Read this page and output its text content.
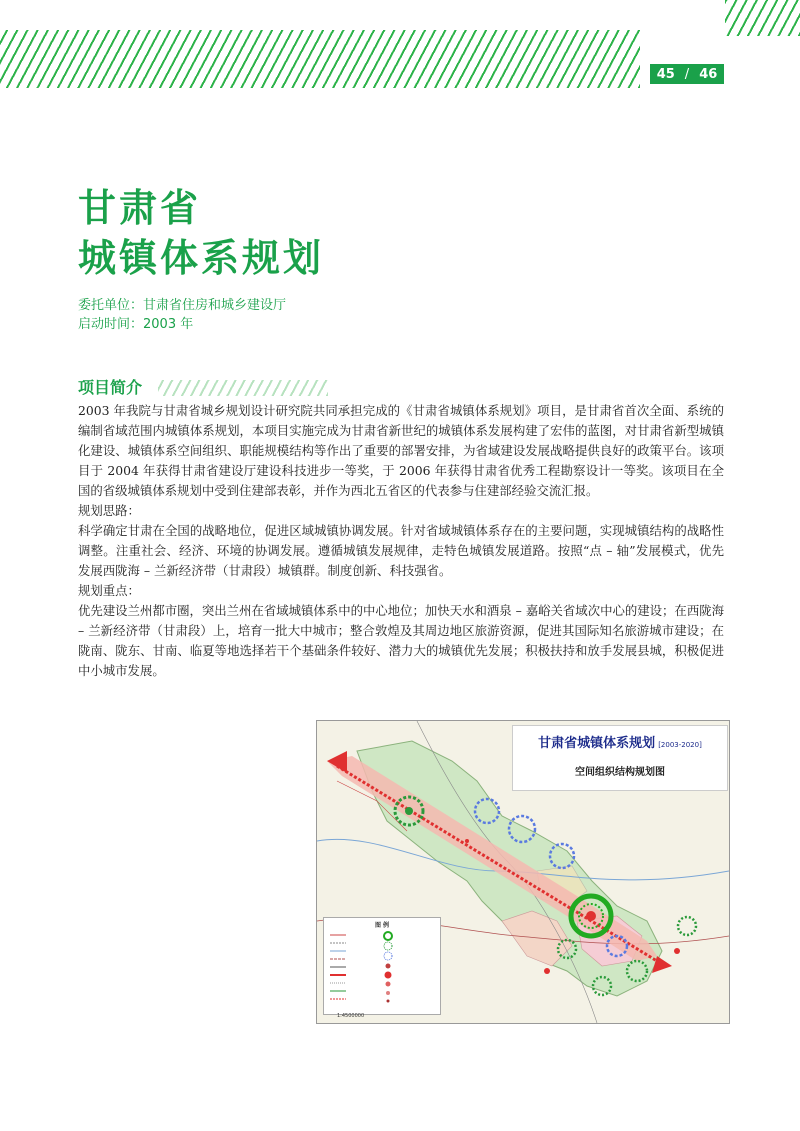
45 / 46
甘肃省
城镇体系规划
委托单位：甘肃省住房和城乡建设厅
启动时间：2003 年
项目简介

2003 年我院与甘肃省城乡规划设计研究院共同承担完成的《甘肃省城镇体系规划》项目，是甘肃省首次全面、系统的编制省域范围内城镇体系规划，本项目实施完成为甘肃省新世纪的城镇体系发展构建了宏伟的蓝图，对甘肃省新型城镇化建设、城镇体系空间组织、职能规模结构等作出了重要的部署安排，为省域建设发展战略提供良好的政策平台。该项目于 2004 年获得甘肃省建设厅建设科技进步一等奖，于 2006 年获得甘肃省优秀工程勘察设计一等奖。该项目在全国的省级城镇体系规划中受到住建部表彰，并作为西北五省区的代表参与住建部经验交流汇报。

规划思路：

科学确定甘肃在全国的战略地位，促进区域城镇协调发展。针对省域城镇体系存在的主要问题，实现城镇结构的战略性调整。注重社会、经济、环境的协调发展。遵循城镇发展规律，走特色城镇发展道路。按照“点 – 轴”发展模式，优先发展西陇海 – 兰新经济带（甘肃段）城镇群。制度创新、科技强省。

规划重点：

优先建设兰州都市圈，突出兰州在省域城镇体系中的中心地位；加快天水和酒泉 – 嘉峪关省域次中心的建设；在西陇海 – 兰新经济带（甘肃段）上，培育一批大中城市；整合敦煌及其周边地区旅游资源，促进其国际知名旅游城市建设；在陇南、陇东、甘南、临夏等地选择若干个基础条件较好、潜力大的城镇优先发展；积极扶持和放手发展县城，积极促进中小城市发展。

甘肃省城镇体系规划 [2003-2020]
空间组织结构规划图
图 例
1:4500000
